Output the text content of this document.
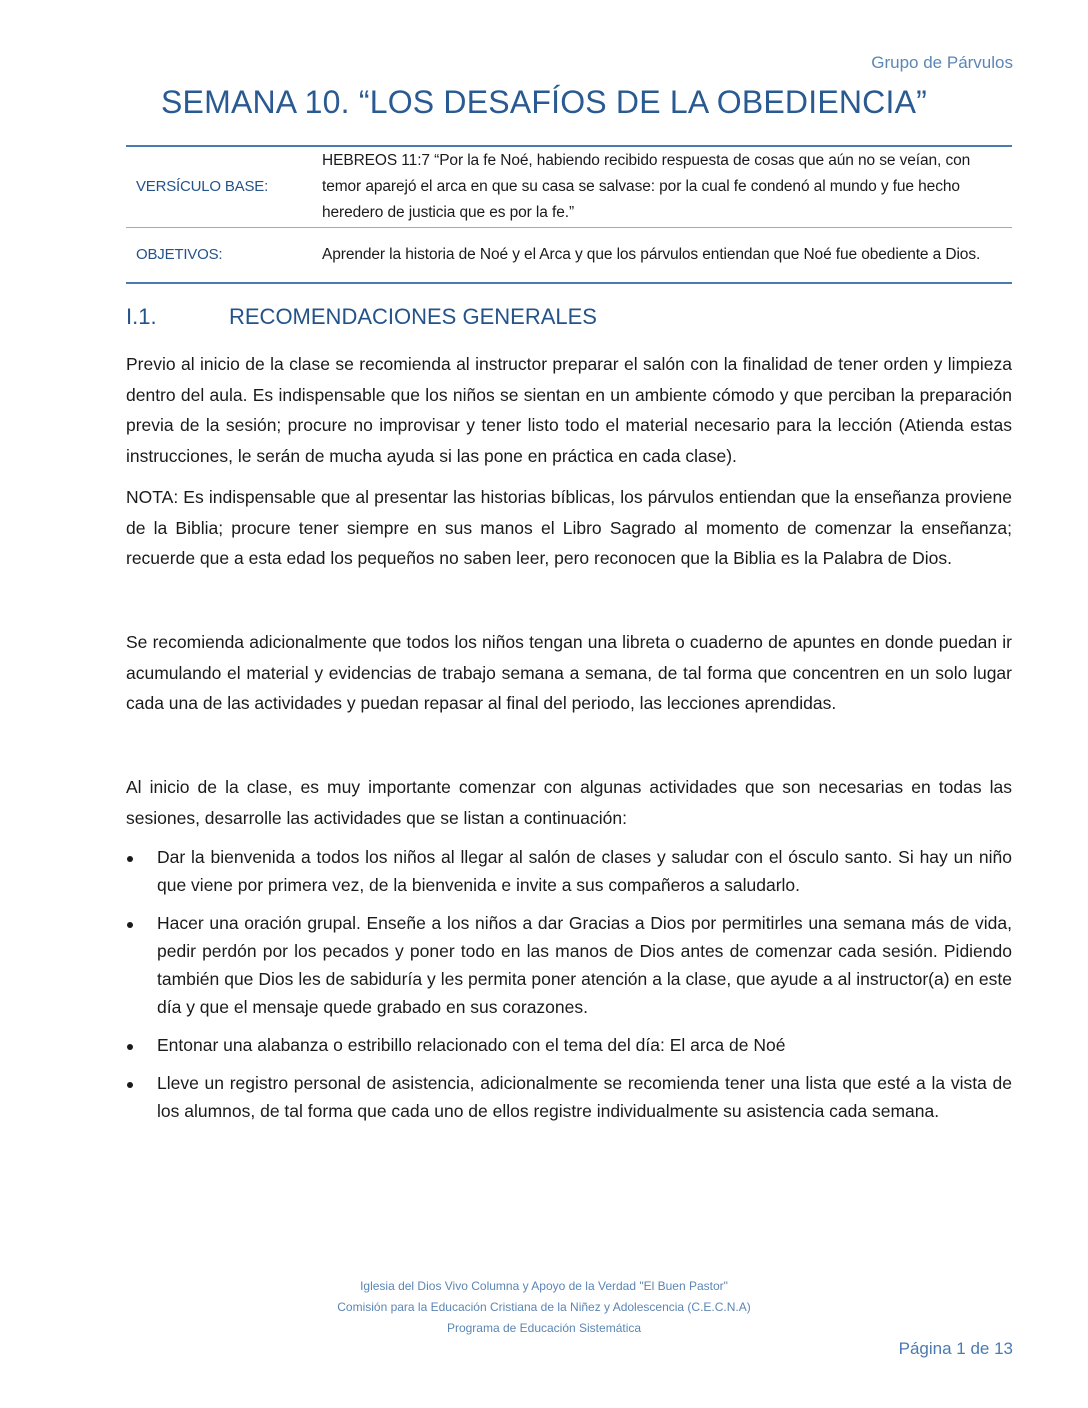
Grupo de Párvulos
SEMANA 10. “LOS DESAFÍOS DE LA OBEDIENCIA”
VERSÍCULO BASE:	HEBREOS 11:7 “Por la fe Noé, habiendo recibido respuesta de cosas que aún no se veían, con temor aparejó el arca en que su casa se salvase: por la cual fe condenó al mundo y fue hecho heredero de justicia que es por la fe.”
OBJETIVOS:	Aprender la historia de Noé y el Arca y que los párvulos entiendan que Noé fue obediente a Dios.
I.1.	RECOMENDACIONES GENERALES

Previo al inicio de la clase se recomienda al instructor preparar el salón con la finalidad de tener orden y limpieza dentro del aula. Es indispensable que los niños se sientan en un ambiente cómodo y que perciban la preparación previa de la sesión; procure no improvisar y tener listo todo el material necesario para la lección (Atienda estas instrucciones, le serán de mucha ayuda si las pone en práctica en cada clase).

NOTA: Es indispensable que al presentar las historias bíblicas, los párvulos entiendan que la enseñanza proviene de la Biblia; procure tener siempre en sus manos el Libro Sagrado al momento de comenzar la enseñanza; recuerde que a esta edad los pequeños no saben leer, pero reconocen que la Biblia es la Palabra de Dios.

Se recomienda adicionalmente que todos los niños tengan una libreta o cuaderno de apuntes en donde puedan ir acumulando el material y evidencias de trabajo semana a semana, de tal forma que concentren en un solo lugar cada una de las actividades y puedan repasar al final del periodo, las lecciones aprendidas.

Al inicio de la clase, es muy importante comenzar con algunas actividades que son necesarias en todas las sesiones, desarrolle las actividades que se listan a continuación:

Dar la bienvenida a todos los niños al llegar al salón de clases y saludar con el ósculo santo. Si hay un niño que viene por primera vez, de la bienvenida e invite a sus compañeros a saludarlo.
Hacer una oración grupal. Enseñe a los niños a dar Gracias a Dios por permitirles una semana más de vida, pedir perdón por los pecados y poner todo en las manos de Dios antes de comenzar cada sesión. Pidiendo también que Dios les de sabiduría y les permita poner atención a la clase, que ayude a al instructor(a) en este día y que el mensaje quede grabado en sus corazones.
Entonar una alabanza o estribillo relacionado con el tema del día: El arca de Noé
Lleve un registro personal de asistencia, adicionalmente se recomienda tener una lista que esté a la vista de los alumnos, de tal forma que cada uno de ellos registre individualmente su asistencia cada semana.
Iglesia del Dios Vivo Columna y Apoyo de la Verdad "El Buen Pastor"
Comisión para la Educación Cristiana de la Niñez y Adolescencia (C.E.C.N.A)
Programa de Educación Sistemática
Página 1 de 13
